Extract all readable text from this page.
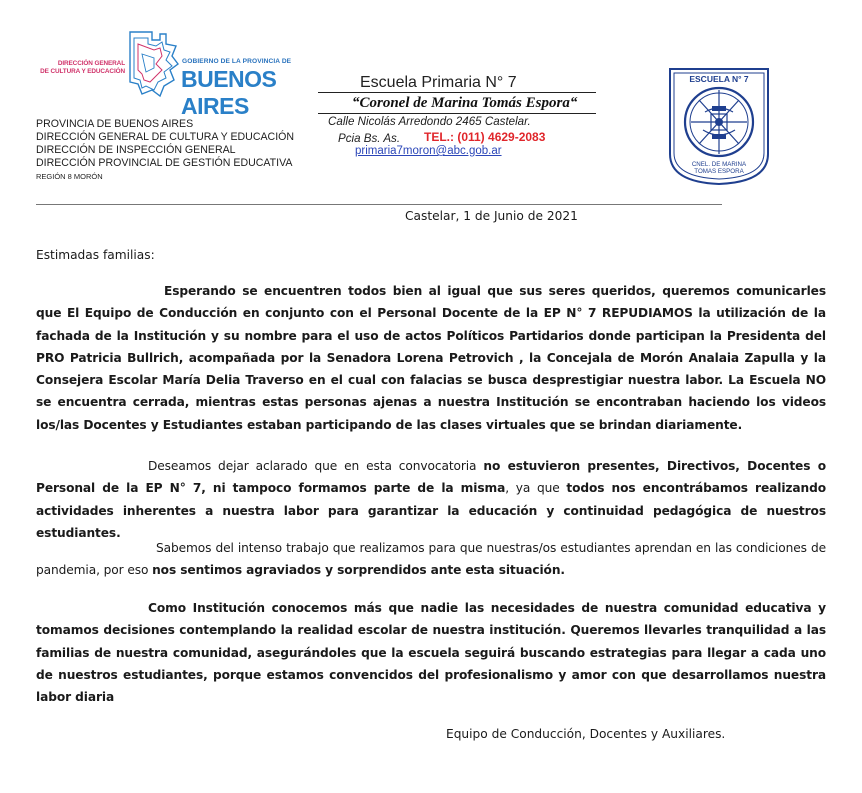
DIRECCIÓN GENERAL
DE CULTURA Y EDUCACIÓN
GOBIERNO DE LA PROVINCIA DE
BUENOS AIRES
PROVINCIA DE BUENOS AIRES
DIRECCIÓN GENERAL DE CULTURA Y EDUCACIÓN
DIRECCIÓN DE INSPECCIÓN GENERAL
DIRECCIÓN PROVINCIAL DE GESTIÓN EDUCATIVA
REGIÓN 8 MORÓN
Escuela Primaria N° 7
“Coronel de Marina Tomás Espora“
Calle Nicolás Arredondo 2465 Castelar.
Pcia Bs. As. TEL.: (011) 4629-2083
primaria7moron@abc.gob.ar
ESCUELA N° 7
CNEL. DE MARINA
TOMAS ESPORA
Castelar, 1 de Junio de 2021
Estimadas familias:
Esperando se encuentren todos bien al igual que sus seres queridos, queremos comunicarles que El Equipo de Conducción en conjunto con el Personal Docente de la EP N° 7 REPUDIAMOS la utilización de la fachada de la Institución y su nombre para el uso de actos Políticos Partidarios donde participan la Presidenta del PRO Patricia Bullrich, acompañada por la Senadora Lorena Petrovich , la Concejala de Morón Analaia Zapulla y la Consejera Escolar María Delia Traverso en el cual con falacias se busca desprestigiar nuestra labor. La Escuela NO se encuentra cerrada, mientras estas personas ajenas a nuestra Institución se encontraban haciendo los videos los/las Docentes y Estudiantes estaban participando de las clases virtuales que se brindan diariamente.
Deseamos dejar aclarado que en esta convocatoria no estuvieron presentes, Directivos, Docentes o Personal de la EP N° 7, ni tampoco formamos parte de la misma, ya que todos nos encontrábamos realizando actividades inherentes a nuestra labor para garantizar la educación y continuidad pedagógica de nuestros estudiantes.
Sabemos del intenso trabajo que realizamos para que nuestras/os estudiantes aprendan en las condiciones de pandemia, por eso nos sentimos agraviados y sorprendidos ante esta situación.
Como Institución conocemos más que nadie las necesidades de nuestra comunidad educativa y tomamos decisiones contemplando la realidad escolar de nuestra institución. Queremos llevarles tranquilidad a las familias de nuestra comunidad, asegurándoles que la escuela seguirá buscando estrategias para llegar a cada uno de nuestros estudiantes, porque estamos convencidos del profesionalismo y amor con que desarrollamos nuestra labor diaria
Equipo de Conducción, Docentes y Auxiliares.
